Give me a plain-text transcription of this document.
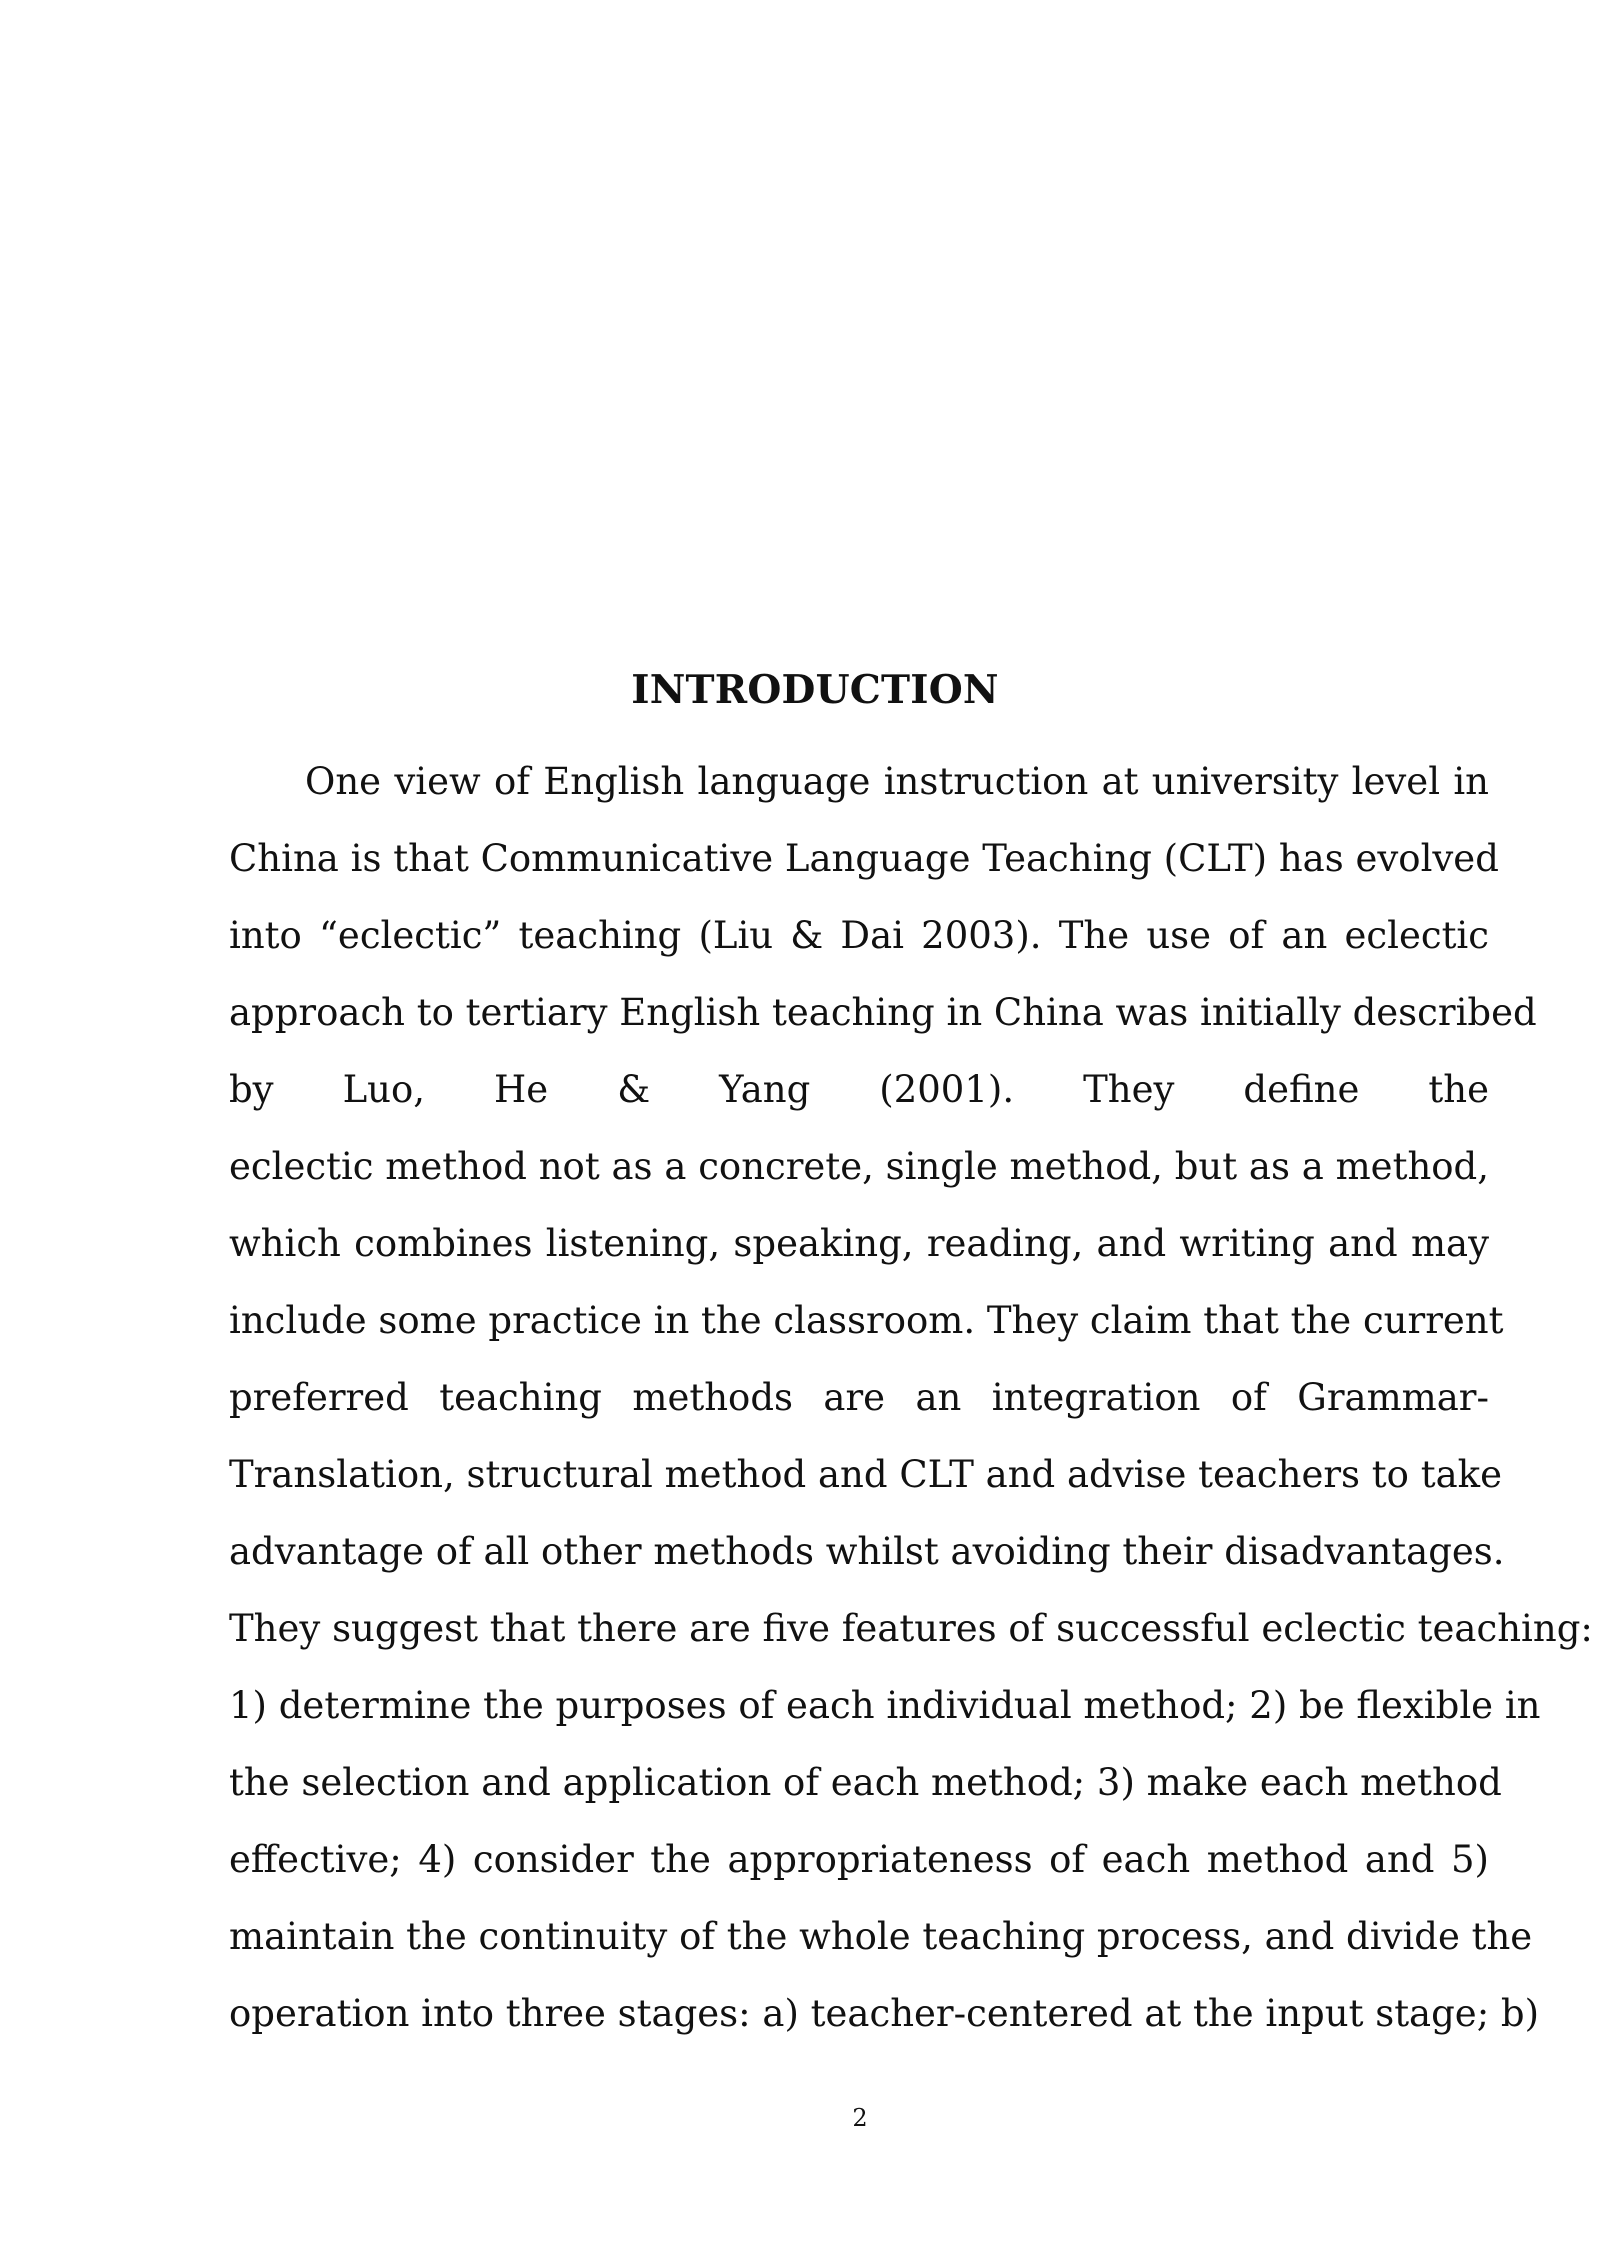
INTRODUCTION
One view of English language instruction at university level in
China is that Communicative Language Teaching (CLT) has evolved
into “eclectic” teaching (Liu & Dai 2003). The use of an eclectic
approach to tertiary English teaching in China was initially described
by Luo, He & Yang (2001). They define the
eclectic method not as a concrete, single method, but as a method,
which combines listening, speaking, reading, and writing and may
include some practice in the classroom. They claim that the current
preferred teaching methods are an integration of Grammar-
Translation, structural method and CLT and advise teachers to take
advantage of all other methods whilst avoiding their disadvantages.
They suggest that there are five features of successful eclectic teaching:
1) determine the purposes of each individual method; 2) be flexible in
the selection and application of each method; 3) make each method
effective; 4) consider the appropriateness of each method and 5)
maintain the continuity of the whole teaching process, and divide the
operation into three stages: a) teacher-centered at the input stage; b)
2
